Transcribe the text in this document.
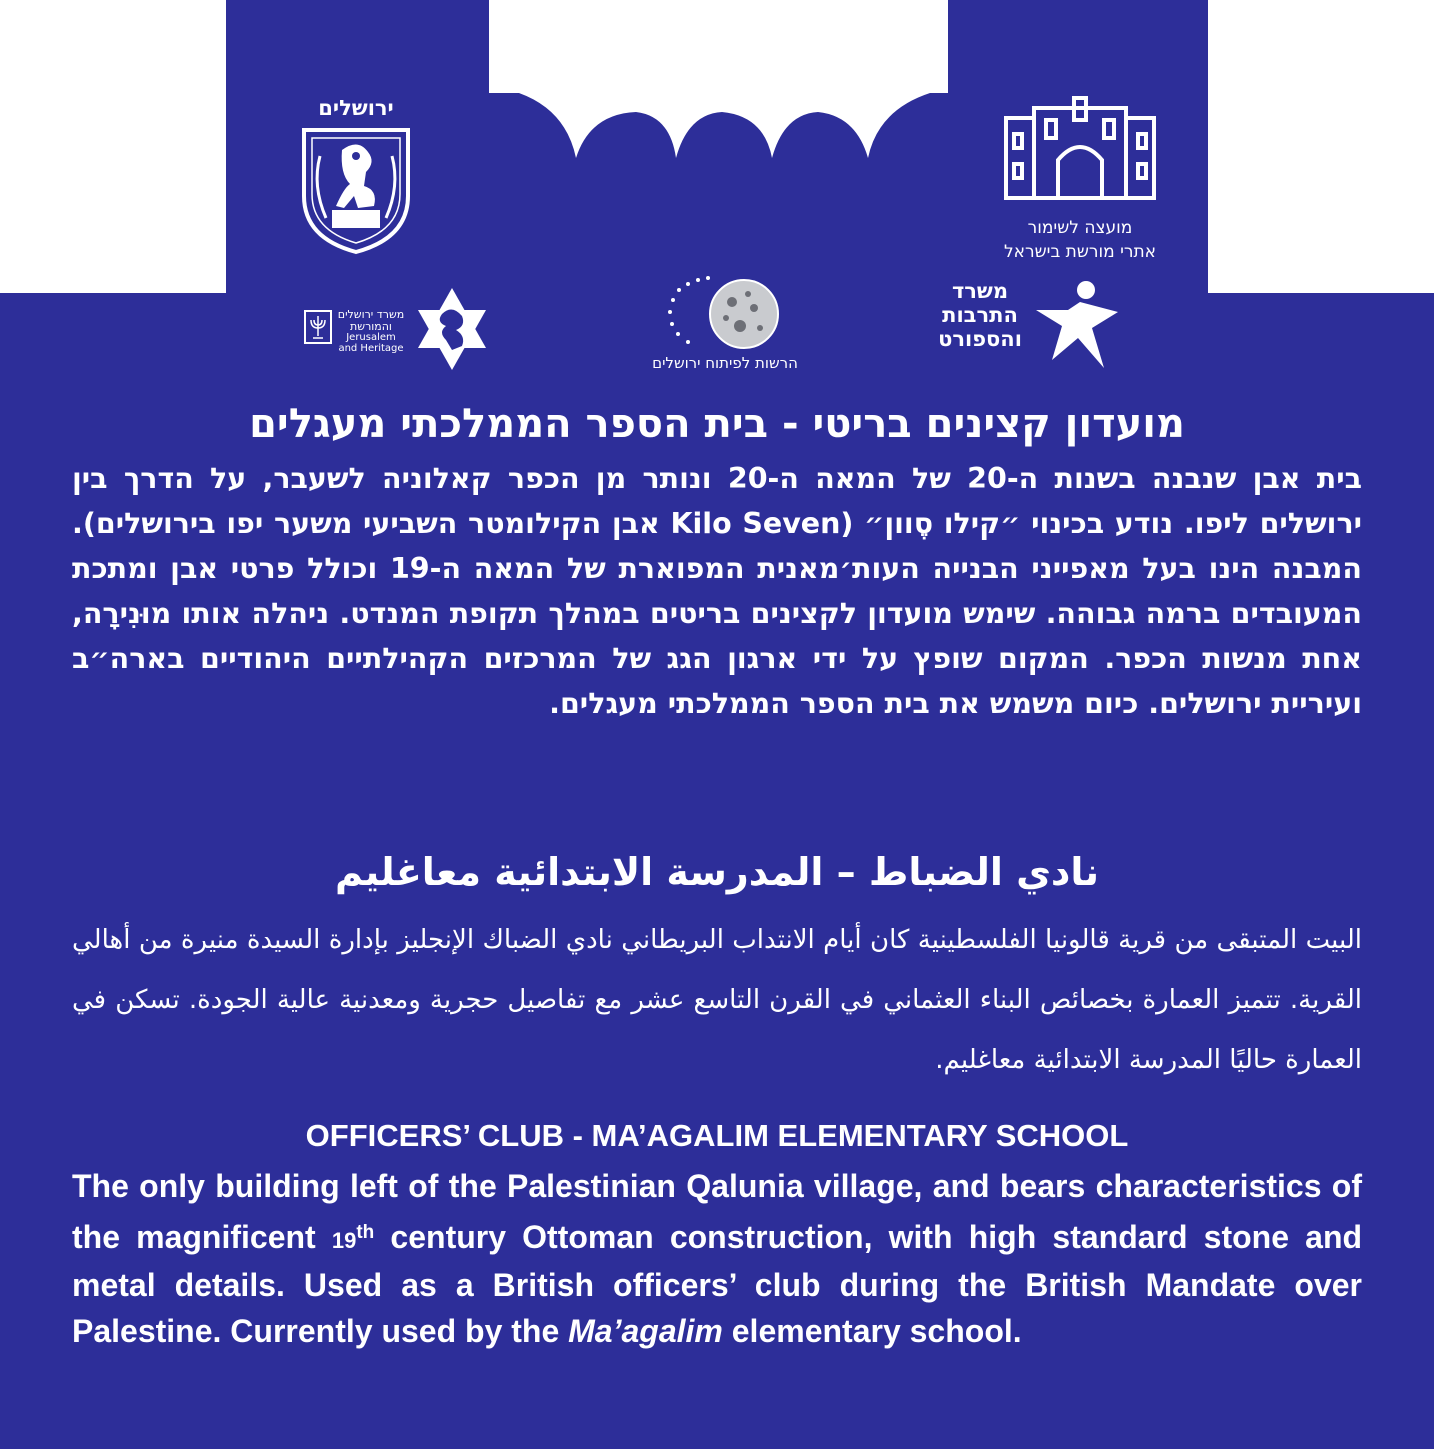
ירושלים
מועצה לשימור
אתרי מורשת בישראל
משרד ירושלים
והמורשת
Jerusalem
and Heritage
הרשות לפיתוח ירושלים
משרד
התרבות
והספורט
מועדון קצינים בריטי - בית הספר הממלכתי מעגלים
בית אבן שנבנה בשנות ה-20 של המאה ה-20 ונותר מן הכפר קאלוניה לשעבר, על הדרך בין ירושלים ליפו. נודע בכינוי ״קילו סֶוון״ (Kilo Seven אבן הקילומטר השביעי משער יפו בירושלים). המבנה הינו בעל מאפייני הבנייה העות׳מאנית המפוארת של המאה ה-19 וכולל פרטי אבן ומתכת המעובדים ברמה גבוהה. שימש מועדון לקצינים בריטים במהלך תקופת המנדט. ניהלה אותו מוּנִירָה, אחת מנשות הכפר. המקום שופץ על ידי ארגון הגג של המרכזים הקהילתיים היהודיים בארה״ב ועיריית ירושלים. כיום משמש את בית הספר הממלכתי מעגלים.
نادي الضباط – المدرسة الابتدائية معاغليم
البيت المتبقى من قرية قالونيا الفلسطينية كان أيام الانتداب البريطاني نادي الضباك الإنجليز بإدارة السيدة منيرة من أهالي القرية. تتميز العمارة بخصائص البناء العثماني في القرن التاسع عشر مع تفاصيل حجرية ومعدنية عالية الجودة. تسكن في العمارة حاليًا المدرسة الابتدائية معاغليم.
OFFICERS’ CLUB - MA’AGALIM ELEMENTARY SCHOOL
The only building left of the Palestinian Qalunia village, and bears characteristics of the magnificent 19th century Ottoman construction, with high standard stone and metal details. Used as a British officers’ club during the British Mandate over Palestine. Currently used by the Ma’agalim elementary school.
